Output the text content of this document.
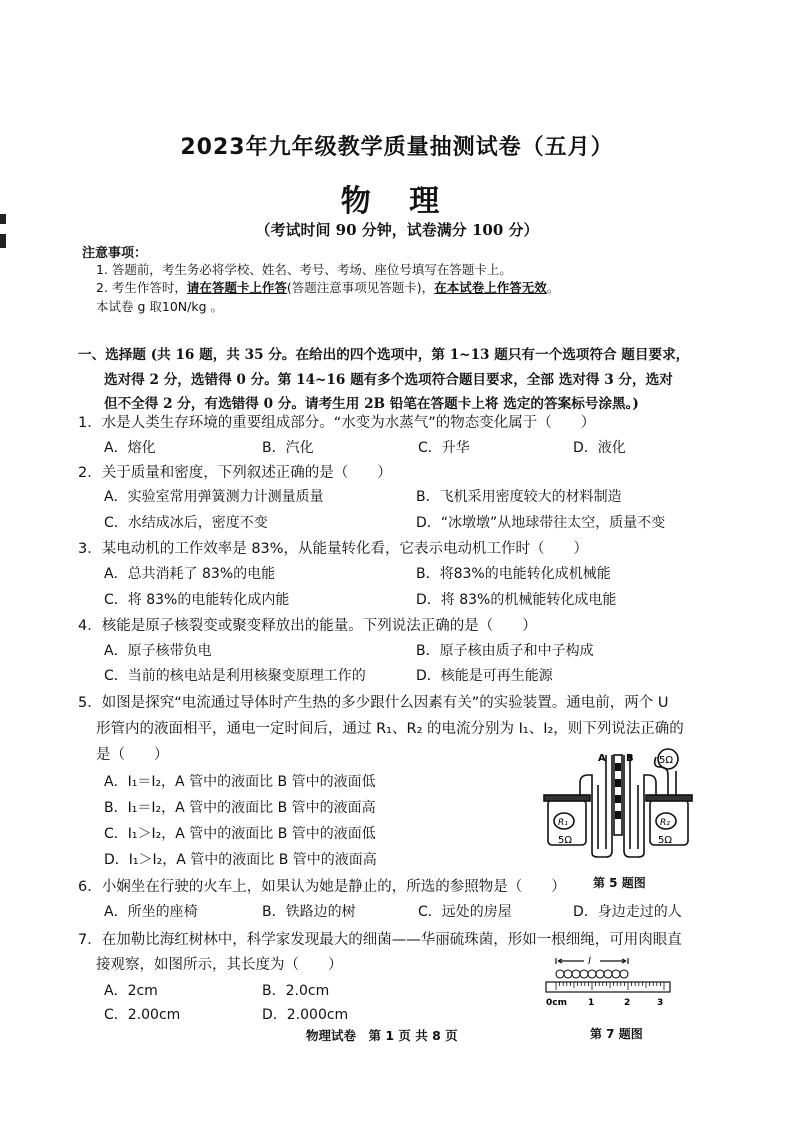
2023年九年级教学质量抽测试卷（五月）
物 理
（考试时间 90 分钟，试卷满分 100 分）
注意事项：
1. 答题前，考生务必将学校、姓名、考号、考场、座位号填写在答题卡上。
2. 考生作答时，请在答题卡上作答(答题注意事项见答题卡)，在本试卷上作答无效。
本试卷 g 取10N/kg 。
一、选择题 (共 16 题，共 35 分。在给出的四个选项中，第 1~13 题只有一个选项符合 题目要求，
选对得 2 分，选错得 0 分。第 14~16 题有多个选项符合题目要求，全部 选对得 3 分，选对
但不全得 2 分，有选错得 0 分。请考生用 2B 铅笔在答题卡上将 选定的答案标号涂黑。)
1．水是人类生存环境的重要组成部分。“水变为水蒸气”的物态变化属于（　　）
A．熔化	B．汽化	C．升华	D．液化
2．关于质量和密度，下列叙述正确的是（　　）
A．实验室常用弹簧测力计测量质量	B．飞机采用密度较大的材料制造
C．水结成冰后，密度不变	D．“冰墩墩”从地球带往太空，质量不变
3．某电动机的工作效率是 83%，从能量转化看，它表示电动机工作时（　　）
A．总共消耗了 83%的电能	B．将83%的电能转化成机械能
C．将 83%的电能转化成内能	D．将 83%的机械能转化成电能
4．核能是原子核裂变或聚变释放出的能量。下列说法正确的是（　　）
A．原子核带负电	B．原子核由质子和中子构成
C．当前的核电站是利用核聚变原理工作的	D．核能是可再生能源
5．如图是探究“电流通过导体时产生热的多少跟什么因素有关”的实验装置。通电前，两个 U
形管内的液面相平，通电一定时间后，通过 R₁、R₂ 的电流分别为 I₁、I₂，则下列说法正确的
是（　　）
A．I₁＝I₂，A 管中的液面比 B 管中的液面低
B．I₁＝I₂，A 管中的液面比 B 管中的液面高
C．I₁＞I₂，A 管中的液面比 B 管中的液面低
D．I₁＞I₂，A 管中的液面比 B 管中的液面高
A B
R₁	R₂
5Ω	5Ω
5Ω
第 5 题图
6．小娴坐在行驶的火车上，如果认为她是静止的，所选的参照物是（　　）
A．所坐的座椅	B．铁路边的树	C．远处的房屋	D．身边走过的人
7．在加勒比海红树林中，科学家发现最大的细菌——华丽硫珠菌，形如一根细绳，可用肉眼直
接观察，如图所示，其长度为（　　）
A．2cm	B．2.0cm
C．2.00cm	D．2.000cm
l
0cm 1	2	3
第 7 题图
物理试卷　第 1 页 共 8 页
